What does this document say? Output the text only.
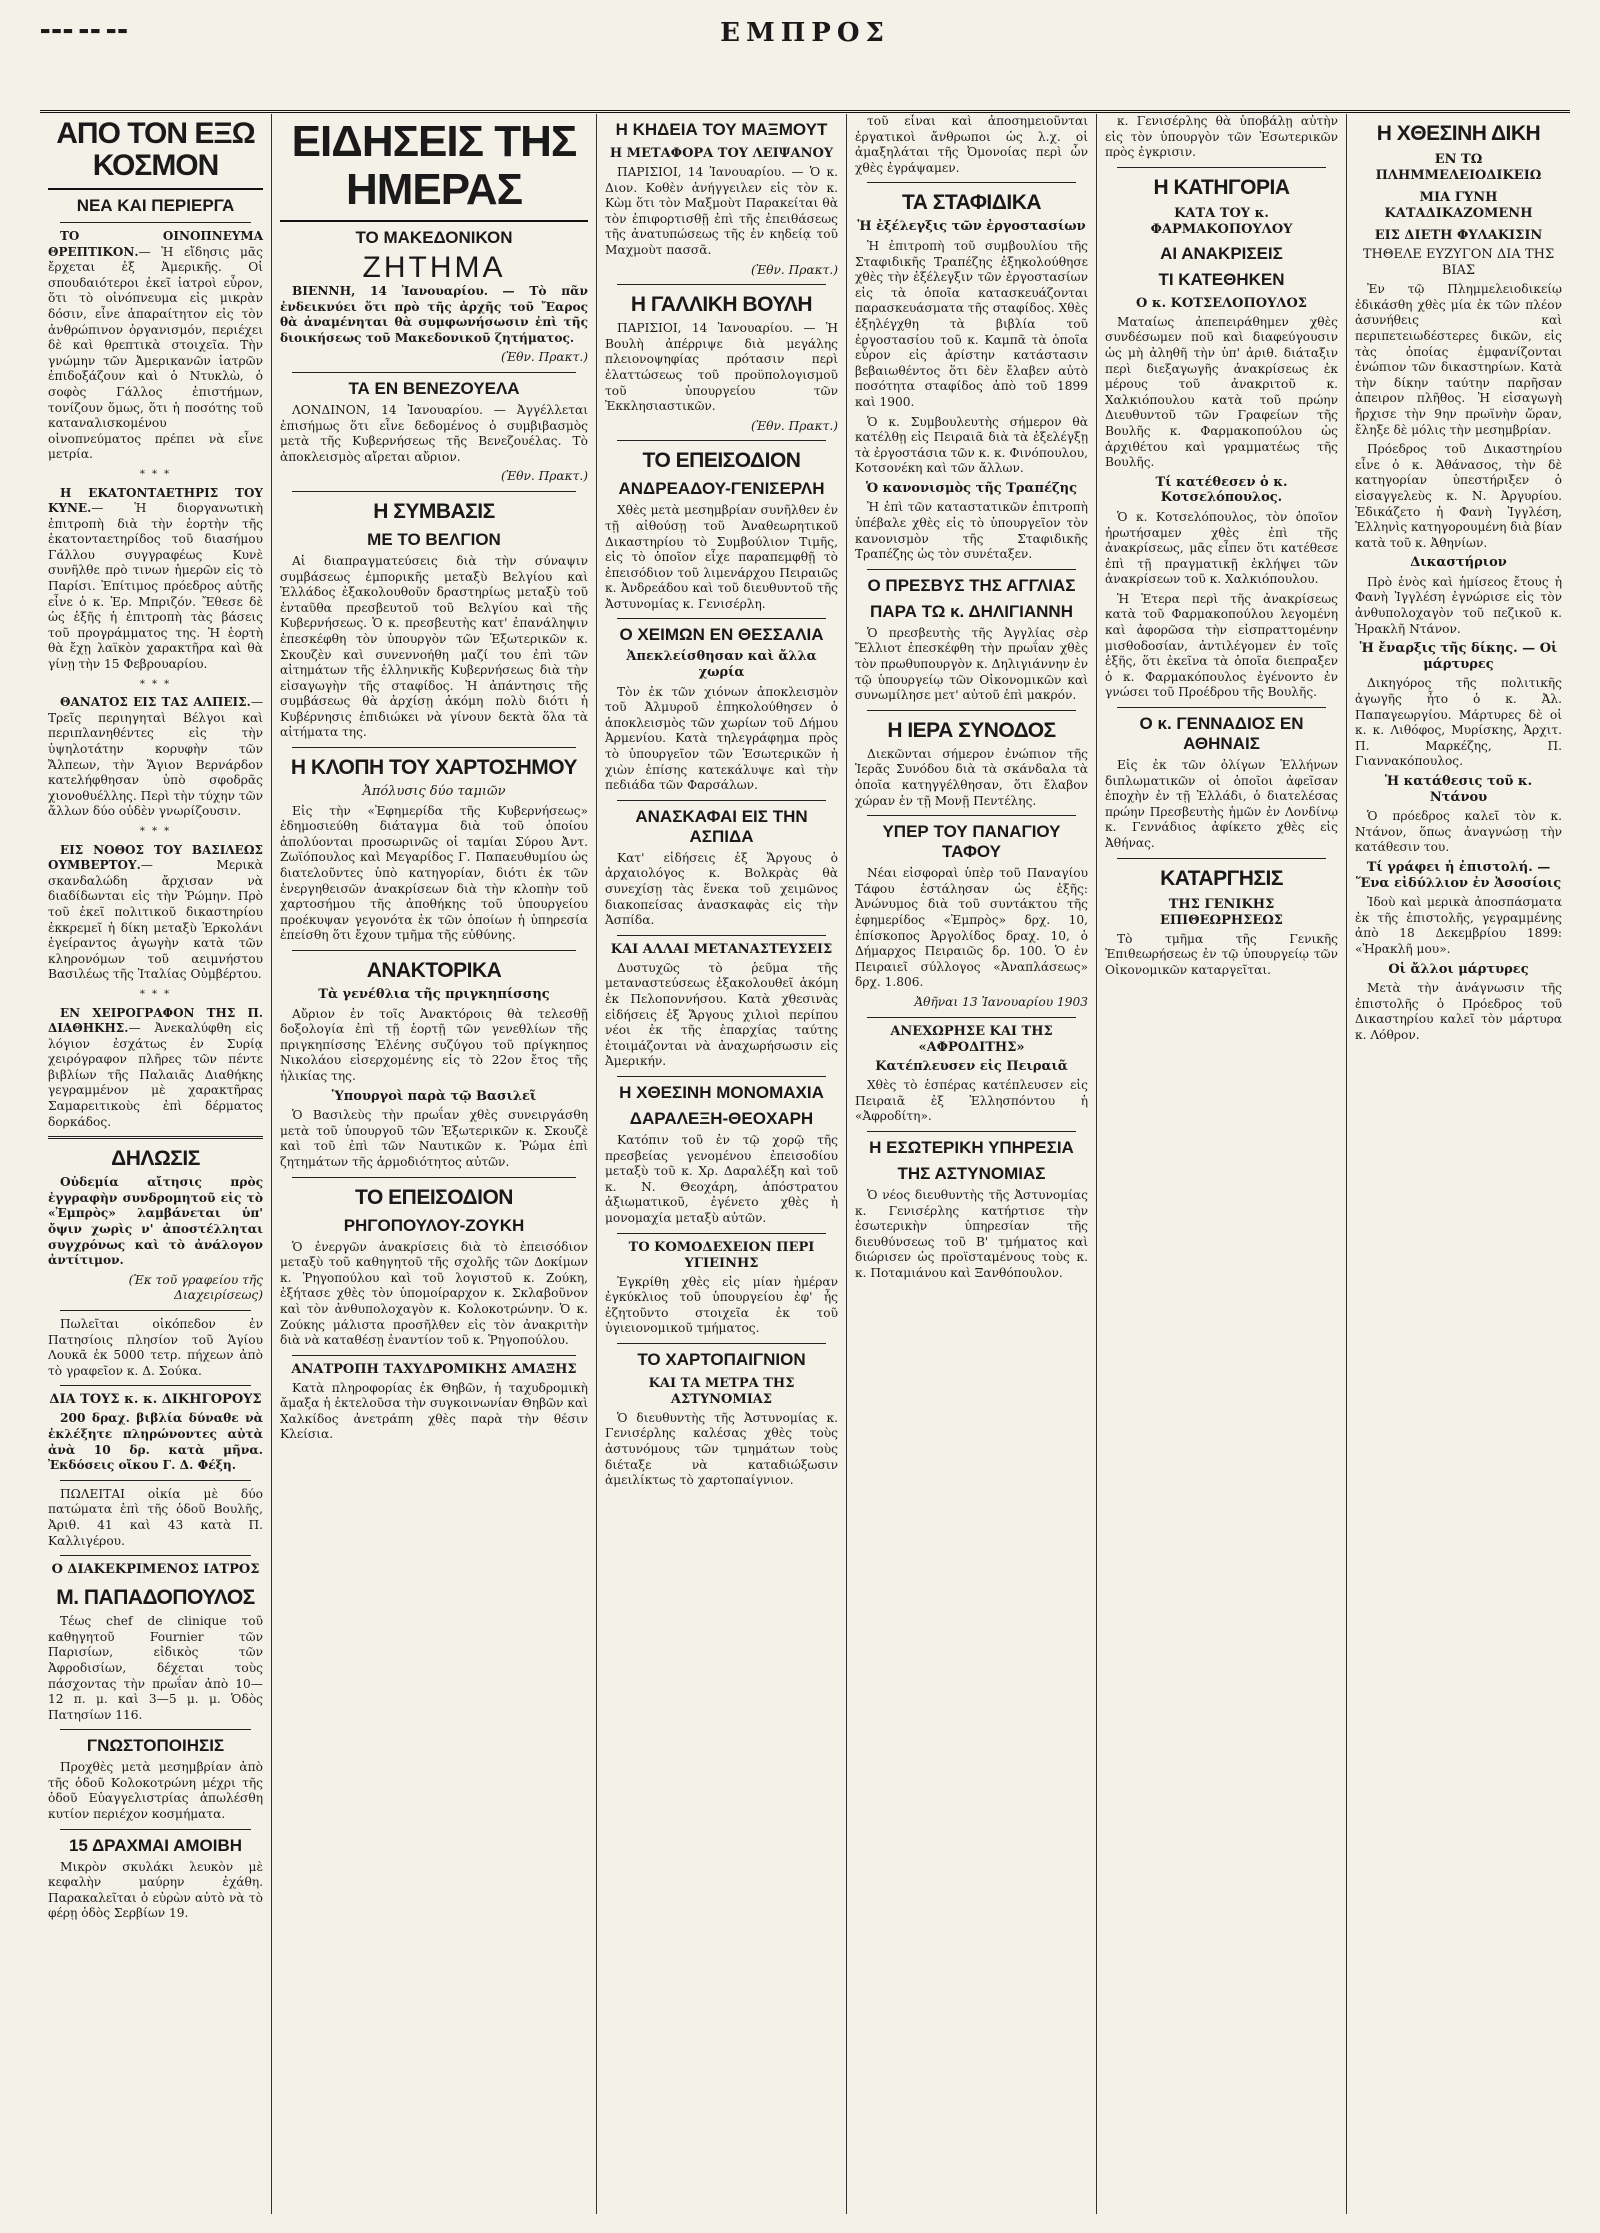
▬▬▬ ▬▬ ▬▬	ΕΜΠΡΟΣ
ΑΠΟ ΤΟΝ ΕΞΩ ΚΟΣΜΟΝ
ΝΕΑ ΚΑΙ ΠΕΡΙΕΡΓΑ

ΤΟ ΟΙΝΟΠΝΕΥΜΑ ΘΡΕΠΤΙΚΟΝ.— Ἡ εἴδησις μᾶς ἔρχεται ἐξ Ἀμερικῆς. Οἱ σπουδαιότεροι ἐκεῖ ἰατροὶ εὗρον, ὅτι τὸ οἰνόπνευμα εἰς μικρὰν δόσιν, εἶνε ἀπαραίτητον εἰς τὸν ἀνθρώπινον ὀργανισμόν, περιέχει δὲ καὶ θρεπτικὰ στοιχεῖα. Τὴν γνώμην τῶν Ἀμερικανῶν ἰατρῶν ἐπιδοξάζουν καὶ ὁ Ντυκλὼ, ὁ σοφὸς Γάλλος ἐπιστήμων, τονίζουν ὅμως, ὅτι ἡ ποσότης τοῦ καταναλισκομένου οἰνοπνεύματος πρέπει νὰ εἶνε μετρία.

* * *

Η ΕΚΑΤΟΝΤΑΕΤΗΡΙΣ ΤΟΥ ΚΥΝΕ.— Ἡ διοργανωτικὴ ἐπιτροπὴ διὰ τὴν ἑορτὴν τῆς ἑκατονταετηρίδος τοῦ διασήμου Γάλλου συγγραφέως Κυνὲ συνῆλθε πρὸ τινων ἡμερῶν εἰς τὸ Παρίσι. Ἐπίτιμος πρόεδρος αὐτῆς εἶνε ὁ κ. Ἐρ. Μπριζόν. Ἔθεσε δὲ ὡς ἑξῆς ἡ ἐπιτροπὴ τὰς βάσεις τοῦ προγράμματος της. Ἡ ἑορτὴ θὰ ἔχῃ λαϊκὸν χαρακτῆρα καὶ θὰ γίνῃ τὴν 15 Φεβρουαρίου.

* * *

ΘΑΝΑΤΟΣ ΕΙΣ ΤΑΣ ΑΛΠΕΙΣ.— Τρεῖς περιηγηταὶ Βέλγοι καὶ περιπλανηθέντες εἰς τὴν ὑψηλοτάτην κορυφὴν τῶν Ἄλπεων, τὴν Ἅγιον Βερνάρδον κατελήφθησαν ὑπὸ σφοδρᾶς χιονοθυέλλης. Περὶ τὴν τύχην τῶν ἄλλων δύο οὐδὲν γνωρίζουσιν.

* * *

ΕΙΣ ΝΟΘΟΣ ΤΟΥ ΒΑΣΙΛΕΩΣ ΟΥΜΒΕΡΤΟΥ.— Μερικὰ σκανδαλώδη ἄρχισαν νὰ διαδίδωνται εἰς τὴν Ῥώμην. Πρὸ τοῦ ἐκεῖ πολιτικοῦ δικαστηρίου ἐκκρεμεῖ ἡ δίκη μεταξὺ Ἐρκολάνι ἐγείραντος ἀγωγὴν κατὰ τῶν κληρονόμων τοῦ αειμνήστου Βασιλέως τῆς Ἰταλίας Οὐμβέρτου.

* * *

ΕΝ ΧΕΙΡΟΓΡΑΦΟΝ ΤΗΣ Π. ΔΙΑΘΗΚΗΣ.— Ἀνεκαλύφθη εἰς λόγιον ἐσχάτως ἐν Συρίᾳ χειρόγραφον πλῆρες τῶν πέντε βιβλίων τῆς Παλαιᾶς Διαθήκης γεγραμμένον μὲ χαρακτῆρας Σαμαρειτικοὺς ἐπὶ δέρματος δορκάδος.

ΔΗΛΩΣΙΣ

Οὐδεμία αἴτησις πρὸς ἐγγραφὴν συνδρομητοῦ εἰς τὸ «Ἐμπρὸς» λαμβάνεται ὑπ' ὄψιν χωρὶς ν' ἀποστέλληται συγχρόνως καὶ τὸ ἀνάλογον ἀντίτιμον.

(Ἐκ τοῦ γραφείου τῆς Διαχειρίσεως)

Πωλεῖται οἰκόπεδον ἐν Πατησίοις πλησίον τοῦ Ἁγίου Λουκᾶ ἐκ 5000 τετρ. πήχεων ἀπὸ τὸ γραφεῖον κ. Δ. Σούκα.

ΔΙΑ ΤΟΥΣ κ. κ. ΔΙΚΗΓΟΡΟΥΣ

200 δραχ. βιβλία δύναθε νὰ ἐκλέξητε πληρώνοντες αὐτὰ ἀνὰ 10 δρ. κατὰ μῆνα. Ἐκδόσεις οἴκου Γ. Δ. Φέξη.

ΠΩΛΕΙΤΑΙ οἰκία μὲ δύο πατώματα ἐπὶ τῆς ὁδοῦ Βουλῆς, Ἀριθ. 41 καὶ 43 κατὰ Π. Καλλιγέρου.

Ο ΔΙΑΚΕΚΡΙΜΕΝΟΣ ΙΑΤΡΟΣ
Μ. ΠΑΠΑΔΟΠΟΥΛΟΣ

Τέως chef de clinique τοῦ καθηγητοῦ Fournier τῶν Παρισίων, εἰδικὸς τῶν Ἀφροδισίων, δέχεται τοὺς πάσχοντας τὴν πρωΐαν ἀπὸ 10—12 π. μ. καὶ 3—5 μ. μ. Ὁδὸς Πατησίων 116.

ΓΝΩΣΤΟΠΟΙΗΣΙΣ

Προχθὲς μετὰ μεσημβρίαν ἀπὸ τῆς ὁδοῦ Κολοκοτρώνη μέχρι τῆς ὁδοῦ Εὐαγγελιστρίας ἀπωλέσθη κυτίον περιέχον κοσμήματα.

15 ΔΡΑΧΜΑΙ ΑΜΟΙΒΗ

Μικρὸν σκυλάκι λευκὸν μὲ κεφαλὴν μαύρην ἐχάθη. Παρακαλεῖται ὁ εὑρὼν αὐτὸ νὰ τὸ φέρῃ ὁδὸς Σερβίων 19.

ΕΙΔΗΣΕΙΣ ΤΗΣ ΗΜΕΡΑΣ
ΤΟ ΜΑΚΕΔΟΝΙΚΟΝ
ΖΗΤΗΜΑ

ΒΙΕΝΝΗ, 14 Ἰανουαρίου. — Τὸ πᾶν ἐνδεικνύει ὅτι πρὸ τῆς ἀρχῆς τοῦ Ἔαρος θὰ ἀναμένηται θὰ συμφωνήσωσιν ἐπὶ τῆς διοικήσεως τοῦ Μακεδονικοῦ ζητήματος.

(Ἐθν. Πρακτ.)
ΤΑ ΕΝ ΒΕΝΕΖΟΥΕΛΑ

ΛΟΝΔΙΝΟΝ, 14 Ἰανουαρίου. — Ἀγγέλλεται ἐπισήμως ὅτι εἶνε δεδομένος ὁ συμβιβασμὸς μετὰ τῆς Κυβερνήσεως τῆς Βενεζουέλας. Τὸ ἀποκλεισμὸς αἴρεται αὔριον.

(Ἐθν. Πρακτ.)
Η ΣΥΜΒΑΣΙΣ
ΜΕ ΤΟ ΒΕΛΓΙΟΝ

Αἱ διαπραγματεύσεις διὰ τὴν σύναψιν συμβάσεως ἐμπορικῆς μεταξὺ Βελγίου καὶ Ἑλλάδος ἐξακολουθοῦν δραστηρίως μεταξὺ τοῦ ἐνταῦθα πρεσβευτοῦ τοῦ Βελγίου καὶ τῆς Κυβερνήσεως. Ὁ κ. πρεσβευτὴς κατ' ἐπανάληψιν ἐπεσκέφθη τὸν ὑπουργὸν τῶν Ἐξωτερικῶν κ. Σκουζὲν καὶ συνεννοήθη μαζί του ἐπὶ τῶν αἰτημάτων τῆς ἑλληνικῆς Κυβερνήσεως διὰ τὴν εἰσαγωγὴν τῆς σταφίδος. Ἡ ἀπάντησις τῆς συμβάσεως θὰ ἀρχίσῃ ἀκόμη πολὺ διότι ἡ Κυβέρνησις ἐπιδιώκει νὰ γίνουν δεκτὰ ὅλα τὰ αἰτήματα της.

Η ΚΛΟΠΗ ΤΟΥ ΧΑΡΤΟΣΗΜΟΥ
Ἀπόλυσις δύο ταμιῶν

Εἰς τὴν «Ἐφημερίδα τῆς Κυβερνήσεως» ἐδημοσιεύθη διάταγμα διὰ τοῦ ὁποίου ἀπολύονται προσωρινῶς οἱ ταμίαι Σύρου Ἀντ. Ζωϊόπουλος καὶ Μεγαρίδος Γ. Παπαευθυμίου ὡς διατελοῦντες ὑπὸ κατηγορίαν, διότι ἐκ τῶν ἐνεργηθεισῶν ἀνακρίσεων διὰ τὴν κλοπὴν τοῦ χαρτοσήμου τῆς ἀποθήκης τοῦ ὑπουργείου προέκυψαν γεγονότα ἐκ τῶν ὁποίων ἡ ὑπηρεσία ἐπείσθη ὅτι ἔχουν τμῆμα τῆς εὐθύνης.

ΑΝΑΚΤΟΡΙΚΑ
Τὰ γενέθλια τῆς πριγκηπίσσης

Αὔριον ἐν τοῖς Ἀνακτόροις θὰ τελεσθῇ δοξολογία ἐπὶ τῇ ἑορτῇ τῶν γενεθλίων τῆς πριγκηπίσσης Ἑλένης συζύγου τοῦ πρίγκηπος Νικολάου εἰσερχομένης εἰς τὸ 22ον ἔτος τῆς ἡλικίας της.

Ὑπουργοὶ παρὰ τῷ Βασιλεῖ

Ὁ Βασιλεὺς τὴν πρωΐαν χθὲς συνειργάσθη μετὰ τοῦ ὑπουργοῦ τῶν Ἐξωτερικῶν κ. Σκουζὲ καὶ τοῦ ἐπὶ τῶν Ναυτικῶν κ. Ῥώμα ἐπὶ ζητημάτων τῆς ἁρμοδιότητος αὐτῶν.

ΤΟ ΕΠΕΙΣΟΔΙΟΝ
ΡΗΓΟΠΟΥΛΟΥ-ΖΟΥΚΗ

Ὁ ἐνεργῶν ἀνακρίσεις διὰ τὸ ἐπεισόδιον μεταξὺ τοῦ καθηγητοῦ τῆς σχολῆς τῶν Δοκίμων κ. Ῥηγοπούλου καὶ τοῦ λογιστοῦ κ. Ζούκη, ἐξήτασε χθὲς τὸν ὑπομοίραρχον κ. Σκλαβοῦνον καὶ τὸν ἀνθυπολοχαγὸν κ. Κολοκοτρώνην. Ὁ κ. Ζούκης μάλιστα προσῆλθεν εἰς τὸν ἀνακριτὴν διὰ νὰ καταθέσῃ ἐναντίον τοῦ κ. Ῥηγοπούλου.

ΑΝΑΤΡΟΠΗ ΤΑΧΥΔΡΟΜΙΚΗΣ ΑΜΑΞΗΣ

Κατὰ πληροφορίας ἐκ Θηβῶν, ἡ ταχυδρομικὴ ἄμαξα ἡ ἐκτελοῦσα τὴν συγκοινωνίαν Θηβῶν καὶ Χαλκίδος ἀνετράπη χθὲς παρὰ τὴν θέσιν Κλείσια.

Η ΚΗΔΕΙΑ ΤΟΥ ΜΑΞΜΟΥΤ
Η ΜΕΤΑΦΟΡΑ ΤΟΥ ΛΕΙΨΑΝΟΥ

ΠΑΡΙΣΙΟΙ, 14 Ἰανουαρίου. — Ὁ κ. Διον. Κοθὲν ἀνήγγειλεν εἰς τὸν κ. Κὼμ ὅτι τὸν Μαξμοὺτ Παρακείται θὰ τὸν ἐπιφορτισθῇ ἐπὶ τῆς ἐπειθάσεως τῆς ἀνατυπώσεως τῆς ἐν κηδείᾳ τοῦ Μαχμοὺτ πασσᾶ.

(Ἐθν. Πρακτ.)
Η ΓΑΛΛΙΚΗ ΒΟΥΛΗ

ΠΑΡΙΣΙΟΙ, 14 Ἰανουαρίου. — Ἡ Βουλὴ ἀπέρριψε διὰ μεγάλης πλειονοψηφίας πρότασιν περὶ ἐλαττώσεως τοῦ προϋπολογισμοῦ τοῦ ὑπουργείου τῶν Ἐκκλησιαστικῶν.

(Ἐθν. Πρακτ.)
ΤΟ ΕΠΕΙΣΟΔΙΟΝ
ΑΝΔΡΕΑΔΟΥ-ΓΕΝΙΣΕΡΛΗ

Χθὲς μετὰ μεσημβρίαν συνῆλθεν ἐν τῇ αἰθούσῃ τοῦ Ἀναθεωρητικοῦ Δικαστηρίου τὸ Συμβούλιον Τιμῆς, εἰς τὸ ὁποῖον εἶχε παραπεμφθῇ τὸ ἐπεισόδιον τοῦ λιμενάρχου Πειραιῶς κ. Ἀνδρεάδου καὶ τοῦ διευθυντοῦ τῆς Ἀστυνομίας κ. Γενισέρλη.

Ο ΧΕΙΜΩΝ ΕΝ ΘΕΣΣΑΛΙΑ
Ἀπεκλείσθησαν καὶ ἄλλα χωρία

Τὸν ἐκ τῶν χιόνων ἀποκλεισμὸν τοῦ Ἀλμυροῦ ἐπηκολούθησεν ὁ ἀποκλεισμὸς τῶν χωρίων τοῦ Δήμου Ἀρμενίου. Κατὰ τηλεγράφημα πρὸς τὸ ὑπουργεῖον τῶν Ἐσωτερικῶν ἡ χιὼν ἐπίσης κατεκάλυψε καὶ τὴν πεδιάδα τῶν Φαρσάλων.

ΑΝΑΣΚΑΦΑΙ ΕΙΣ ΤΗΝ ΑΣΠΙΔΑ

Κατ' εἰδήσεις ἐξ Ἄργους ὁ ἀρχαιολόγος κ. Βολκρὰς θὰ συνεχίσῃ τὰς ἕνεκα τοῦ χειμῶνος διακοπείσας ἀνασκαφὰς εἰς τὴν Ἀσπίδα.

ΚΑΙ ΑΛΛΑΙ ΜΕΤΑΝΑΣΤΕΥΣΕΙΣ

Δυστυχῶς τὸ ῥεῦμα τῆς μεταναστεύσεως ἐξακολουθεῖ ἀκόμη ἐκ Πελοποννήσου. Κατὰ χθεσινὰς εἰδήσεις ἐξ Ἄργους χιλιοὶ περίπου νέοι ἐκ τῆς ἐπαρχίας ταύτης ἐτοιμάζονται νὰ ἀναχωρήσωσιν εἰς Ἀμερικήν.

Η ΧΘΕΣΙΝΗ ΜΟΝΟΜΑΧΙΑ
ΔΑΡΑΛΕΞΗ-ΘΕΟΧΑΡΗ

Κατόπιν τοῦ ἐν τῷ χορῷ τῆς πρεσβείας γενομένου ἐπεισοδίου μεταξὺ τοῦ κ. Χρ. Δαραλέξη καὶ τοῦ κ. Ν. Θεοχάρη, ἀπόστρατου ἀξιωματικοῦ, ἐγένετο χθὲς ἡ μονομαχία μεταξὺ αὐτῶν.

ΤΟ ΚΟΜΟΔΕΧΕΙΟΝ ΠΕΡΙ ΥΓΙΕΙΝΗΣ

Ἐγκρίθη χθὲς εἰς μίαν ἡμέραν ἐγκύκλιος τοῦ ὑπουργείου ἐφ' ἧς ἐζητοῦντο στοιχεῖα ἐκ τοῦ ὑγιειονομικοῦ τμήματος.

ΤΟ ΧΑΡΤΟΠΑΙΓΝΙΟΝ
ΚΑΙ ΤΑ ΜΕΤΡΑ ΤΗΣ ΑΣΤΥΝΟΜΙΑΣ

Ὁ διευθυντὴς τῆς Ἀστυνομίας κ. Γενισέρλης καλέσας χθὲς τοὺς ἀστυνόμους τῶν τμημάτων τοὺς διέταξε νὰ καταδιώξωσιν ἀμειλίκτως τὸ χαρτοπαίγνιον.

τοῦ εἶναι καὶ ἀποσημειοῦνται ἐργατικοὶ ἄνθρωποι ὡς λ.χ. οἱ ἀμαξηλάται τῆς Ὀμονοίας περὶ ὧν χθὲς ἐγράψαμεν.

ΤΑ ΣΤΑΦΙΔΙΚΑ
Ἡ ἐξέλεγξις τῶν ἐργοστασίων

Ἡ ἐπιτροπὴ τοῦ συμβουλίου τῆς Σταφιδικῆς Τραπέζης ἐξηκολούθησε χθὲς τὴν ἐξέλεγξιν τῶν ἐργοστασίων εἰς τὰ ὁποῖα κατασκευάζονται παρασκευάσματα τῆς σταφίδος. Χθὲς ἐξηλέγχθη τὰ βιβλία τοῦ ἐργοστασίου τοῦ κ. Καμπᾶ τὰ ὁποῖα εὗρον εἰς ἀρίστην κατάστασιν βεβαιωθέντος ὅτι δὲν ἔλαβεν αὐτὸ ποσότητα σταφίδος ἀπὸ τοῦ 1899 καὶ 1900.

Ὁ κ. Συμβουλευτὴς σήμερον θὰ κατέλθῃ εἰς Πειραιᾶ διὰ τὰ ἐξελέγξῃ τὰ ἐργοστάσια τῶν κ. κ. Φινόπουλου, Κοτσονέκη καὶ τῶν ἄλλων.

Ὁ κανονισμὸς τῆς Τραπέζης

Ἡ ἐπὶ τῶν καταστατικῶν ἐπιτροπὴ ὑπέβαλε χθὲς εἰς τὸ ὑπουργεῖον τὸν κανονισμὸν τῆς Σταφιδικῆς Τραπέζης ὡς τὸν συνέταξεν.

Ο ΠΡΕΣΒΥΣ ΤΗΣ ΑΓΓΛΙΑΣ
ΠΑΡΑ ΤΩ κ. ΔΗΛΙΓΙΑΝΝΗ

Ὁ πρεσβευτὴς τῆς Ἀγγλίας σὲρ Ἔλλιοτ ἐπεσκέφθη τὴν πρωΐαν χθὲς τὸν πρωθυπουργὸν κ. Δηλιγιάννην ἐν τῷ ὑπουργείῳ τῶν Οἰκονομικῶν καὶ συνωμίλησε μετ' αὐτοῦ ἐπὶ μακρόν.

Η ΙΕΡΑ ΣΥΝΟΔΟΣ

Διεκῶνται σήμερον ἐνώπιον τῆς Ἱερᾶς Συνόδου διὰ τὰ σκάνδαλα τὰ ὁποῖα κατηγγέλθησαν, ὅτι ἔλαβον χώραν ἐν τῇ Μονῇ Πεντέλης.

ΥΠΕΡ ΤΟΥ ΠΑΝΑΓΙΟΥ ΤΑΦΟΥ

Νέαι εἰσφοραὶ ὑπὲρ τοῦ Παναγίου Τάφου ἐστάλησαν ὡς ἑξῆς: Ἀνώνυμος διὰ τοῦ συντάκτου τῆς ἐφημερίδος «Ἐμπρὸς» δρχ. 10, ἐπίσκοπος Ἀργολίδος δραχ. 10, ὁ Δήμαρχος Πειραιῶς δρ. 100. Ὁ ἐν Πειραιεῖ σύλλογος «Ἀναπλάσεως» δρχ. 1.806.

Ἀθῆναι 13 Ἰανουαρίου 1903
ΑΝΕΧΩΡΗΣΕ ΚΑΙ ΤΗΣ «ΑΦΡΟΔΙΤΗΣ»
Κατέπλευσεν εἰς Πειραιᾶ

Χθὲς τὸ ἑσπέρας κατέπλευσεν εἰς Πειραιᾶ ἐξ Ἑλλησπόντου ἡ «Ἀφροδίτη».

Η ΕΣΩΤΕΡΙΚΗ ΥΠΗΡΕΣΙΑ
ΤΗΣ ΑΣΤΥΝΟΜΙΑΣ

Ὁ νέος διευθυντὴς τῆς Ἀστυνομίας κ. Γενισέρλης κατήρτισε τὴν ἐσωτερικὴν ὑπηρεσίαν τῆς διευθύνσεως τοῦ Β' τμήματος καὶ διώρισεν ὡς προϊσταμένους τοὺς κ. κ. Ποταμιάνου καὶ Ξανθόπουλον.

κ. Γενισέρλης θὰ ὑποβάλῃ αὐτὴν εἰς τὸν ὑπουργὸν τῶν Ἐσωτερικῶν πρὸς ἐγκρισιν.

Η ΚΑΤΗΓΟΡΙΑ
ΚΑΤΑ ΤΟΥ κ. ΦΑΡΜΑΚΟΠΟΥΛΟΥ
ΑΙ ΑΝΑΚΡΙΣΕΙΣ
ΤΙ ΚΑΤΕΘΗΚΕΝ
Ο κ. ΚΟΤΣΕΛΟΠΟΥΛΟΣ

Ματαίως ἀπεπειράθημεν χθὲς συνδέσωμεν ποῦ καὶ διαφεύγουσιν ὡς μὴ ἀληθῆ τὴν ὑπ' ἀριθ. διάταξιν περὶ διεξαγωγῆς ἀνακρίσεως ἐκ μέρους τοῦ ἀνακριτοῦ κ. Χαλκιόπουλου κατὰ τοῦ πρώην Διευθυντοῦ τῶν Γραφείων τῆς Βουλῆς κ. Φαρμακοπούλου ὡς ἀρχιθέτου καὶ γραμματέως τῆς Βουλῆς.

Τί κατέθεσεν ὁ κ. Κοτσελόπουλος.

Ὁ κ. Κοτσελόπουλος, τὸν ὁποῖον ἠρωτήσαμεν χθὲς ἐπὶ τῆς ἀνακρίσεως, μᾶς εἶπεν ὅτι κατέθεσε ἐπὶ τῇ πραγματικῇ ἐκλήψει τῶν ἀνακρίσεων τοῦ κ. Χαλκιόπουλου.

Ἡ Ἑτερα περὶ τῆς ἀνακρίσεως κατὰ τοῦ Φαρμακοπούλου λεγομένη καὶ ἀφορῶσα τὴν εἰσπραττομένην μισθοδοσίαν, ἀντιλέγομεν ἐν τοῖς ἑξῆς, ὅτι ἐκεῖνα τὰ ὁποῖα διεπραξεν ὁ κ. Φαρμακόπουλος ἐγένοντο ἐν γνώσει τοῦ Προέδρου τῆς Βουλῆς.

Ο κ. ΓΕΝΝΑΔΙΟΣ ΕΝ ΑΘΗΝΑΙΣ

Εἰς ἐκ τῶν ὀλίγων Ἑλλήνων διπλωματικῶν οἱ ὁποῖοι ἀφεῖσαν ἐποχὴν ἐν τῇ Ἑλλάδι, ὁ διατελέσας πρώην Πρεσβευτὴς ἡμῶν ἐν Λονδίνῳ κ. Γεννάδιος ἀφίκετο χθὲς εἰς Ἀθήνας.

ΚΑΤΑΡΓΗΣΙΣ
ΤΗΣ ΓΕΝΙΚΗΣ ΕΠΙΘΕΩΡΗΣΕΩΣ

Τὸ τμῆμα τῆς Γενικῆς Ἐπιθεωρήσεως ἐν τῷ ὑπουργείῳ τῶν Οἰκονομικῶν καταργεῖται.

Η ΧΘΕΣΙΝΗ ΔΙΚΗ
ΕΝ ΤΩ ΠΛΗΜΜΕΛΕΙΟΔΙΚΕΙΩ
ΜΙΑ ΓΥΝΗ ΚΑΤΑΔΙΚΑΖΟΜΕΝΗ
ΕΙΣ ΔΙΕΤΗ ΦΥΛΑΚΙΣΙΝ
ΤΗΘΕΛΕ ΕΥΖΥΓΟΝ ΔΙΑ ΤΗΣ ΒΙΑΣ

Ἐν τῷ Πλημμελειοδικείῳ ἐδικάσθη χθὲς μία ἐκ τῶν πλέον ἀσυνήθεις καὶ περιπετειωδέστερες δικῶν, εἰς τὰς ὁποίας ἐμφανίζονται ἐνώπιον τῶν δικαστηρίων. Κατὰ τὴν δίκην ταύτην παρῆσαν ἀπειρον πλῆθος. Ἡ εἰσαγωγὴ ἤρχισε τὴν 9ην πρωϊνὴν ὥραν, ἔληξε δὲ μόλις τὴν μεσημβρίαν.

Πρόεδρος τοῦ Δικαστηρίου εἶνε ὁ κ. Ἀθάνασος, τὴν δὲ κατηγορίαν ὑπεστήριξεν ὁ εἰσαγγελεὺς κ. Ν. Ἀργυρίου. Ἐδικάζετο ἡ Φανὴ Ἰγγλέση, Ἐλληνὶς κατηγορουμένη διὰ βίαν κατὰ τοῦ κ. Ἀθηνίων.

Δικαστήριον

Πρὸ ἐνὸς καὶ ἡμίσεος ἔτους ἡ Φανὴ Ἰγγλέση ἐγνώρισε εἰς τὸν ἀνθυπολοχαγὸν τοῦ πεζικοῦ κ. Ἠρακλῆ Ντάνον.

Ἡ ἔναρξις τῆς δίκης. — Οἱ μάρτυρες

Δικηγόρος τῆς πολιτικῆς ἀγωγῆς ἦτο ὁ κ. Ἀλ. Παπαγεωργίου. Μάρτυρες δὲ οἱ κ. κ. Λιθόφος, Μυρίσκης, Ἀρχιτ. Π. Μαρκέζης, Π. Γιαννακόπουλος.

Ἡ κατάθεσις τοῦ κ. Ντάνου

Ὁ πρόεδρος καλεῖ τὸν κ. Ντάνον, ὅπως ἀναγνώσῃ τὴν κατάθεσιν του.

Τί γράφει ἡ ἐπιστολή. — Ἕνα εἰδύλλιον ἐν Ἀσοσίοις

Ἰδοὺ καὶ μερικὰ ἀποσπάσματα ἐκ τῆς ἐπιστολῆς, γεγραμμένης ἀπὸ 18 Δεκεμβρίου 1899: «Ἠρακλῆ μου».

Οἱ ἄλλοι μάρτυρες

Μετὰ τὴν ἀνάγνωσιν τῆς ἐπιστολῆς ὁ Πρόεδρος τοῦ Δικαστηρίου καλεῖ τὸν μάρτυρα κ. Λόθρον.
